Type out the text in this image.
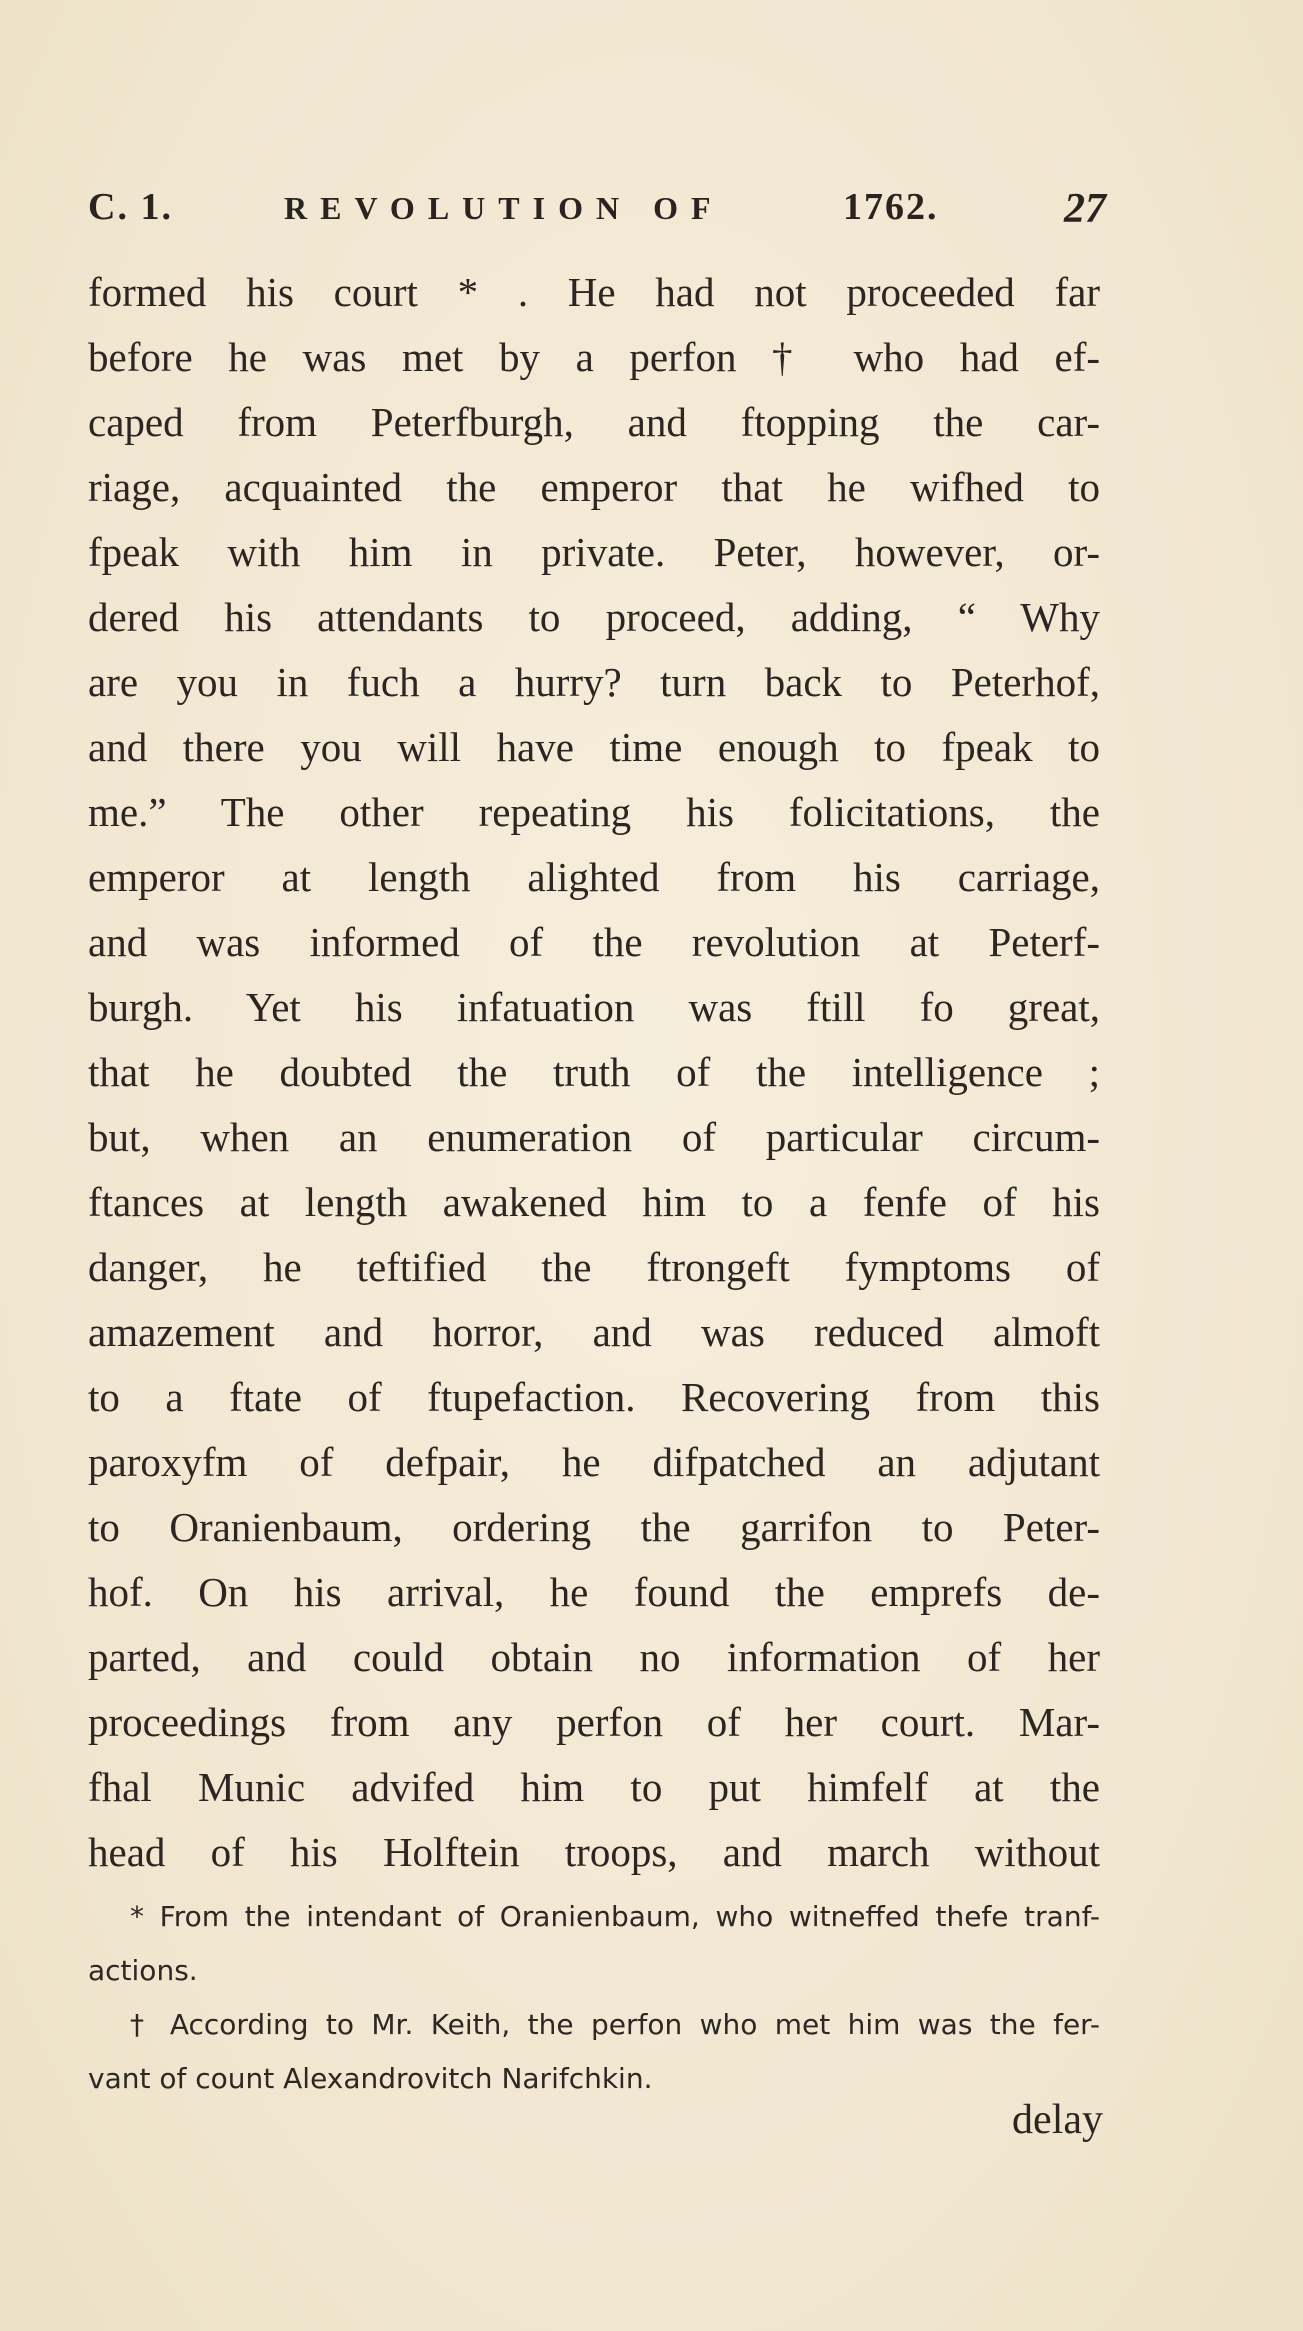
C. 1.	REVOLUTION OF	1762.	27
formed his court * . He had not proceeded far
before he was met by a perfon † who had ef-
caped from Peterfburgh, and ftopping the car-
riage, acquainted the emperor that he wifhed to
fpeak with him in private. Peter, however, or-
dered his attendants to proceed, adding, “ Why
are you in fuch a hurry? turn back to Peterhof,
and there you will have time enough to fpeak to
me.” The other repeating his folicitations, the
emperor at length alighted from his carriage,
and was informed of the revolution at Peterf-
burgh. Yet his infatuation was ftill fo great,
that he doubted the truth of the intelligence ;
but, when an enumeration of particular circum-
ftances at length awakened him to a fenfe of his
danger, he teftified the ftrongeft fymptoms of
amazement and horror, and was reduced almoft
to a ftate of ftupefaction. Recovering from this
paroxyfm of defpair, he difpatched an adjutant
to Oranienbaum, ordering the garrifon to Peter-
hof. On his arrival, he found the emprefs de-
parted, and could obtain no information of her
proceedings from any perfon of her court. Mar-
fhal Munic advifed him to put himfelf at the
head of his Holftein troops, and march without
* From the intendant of Oranienbaum, who witneffed thefe tranf-
actions.
† According to Mr. Keith, the perfon who met him was the fer-
vant of count Alexandrovitch Narifchkin.
delay
